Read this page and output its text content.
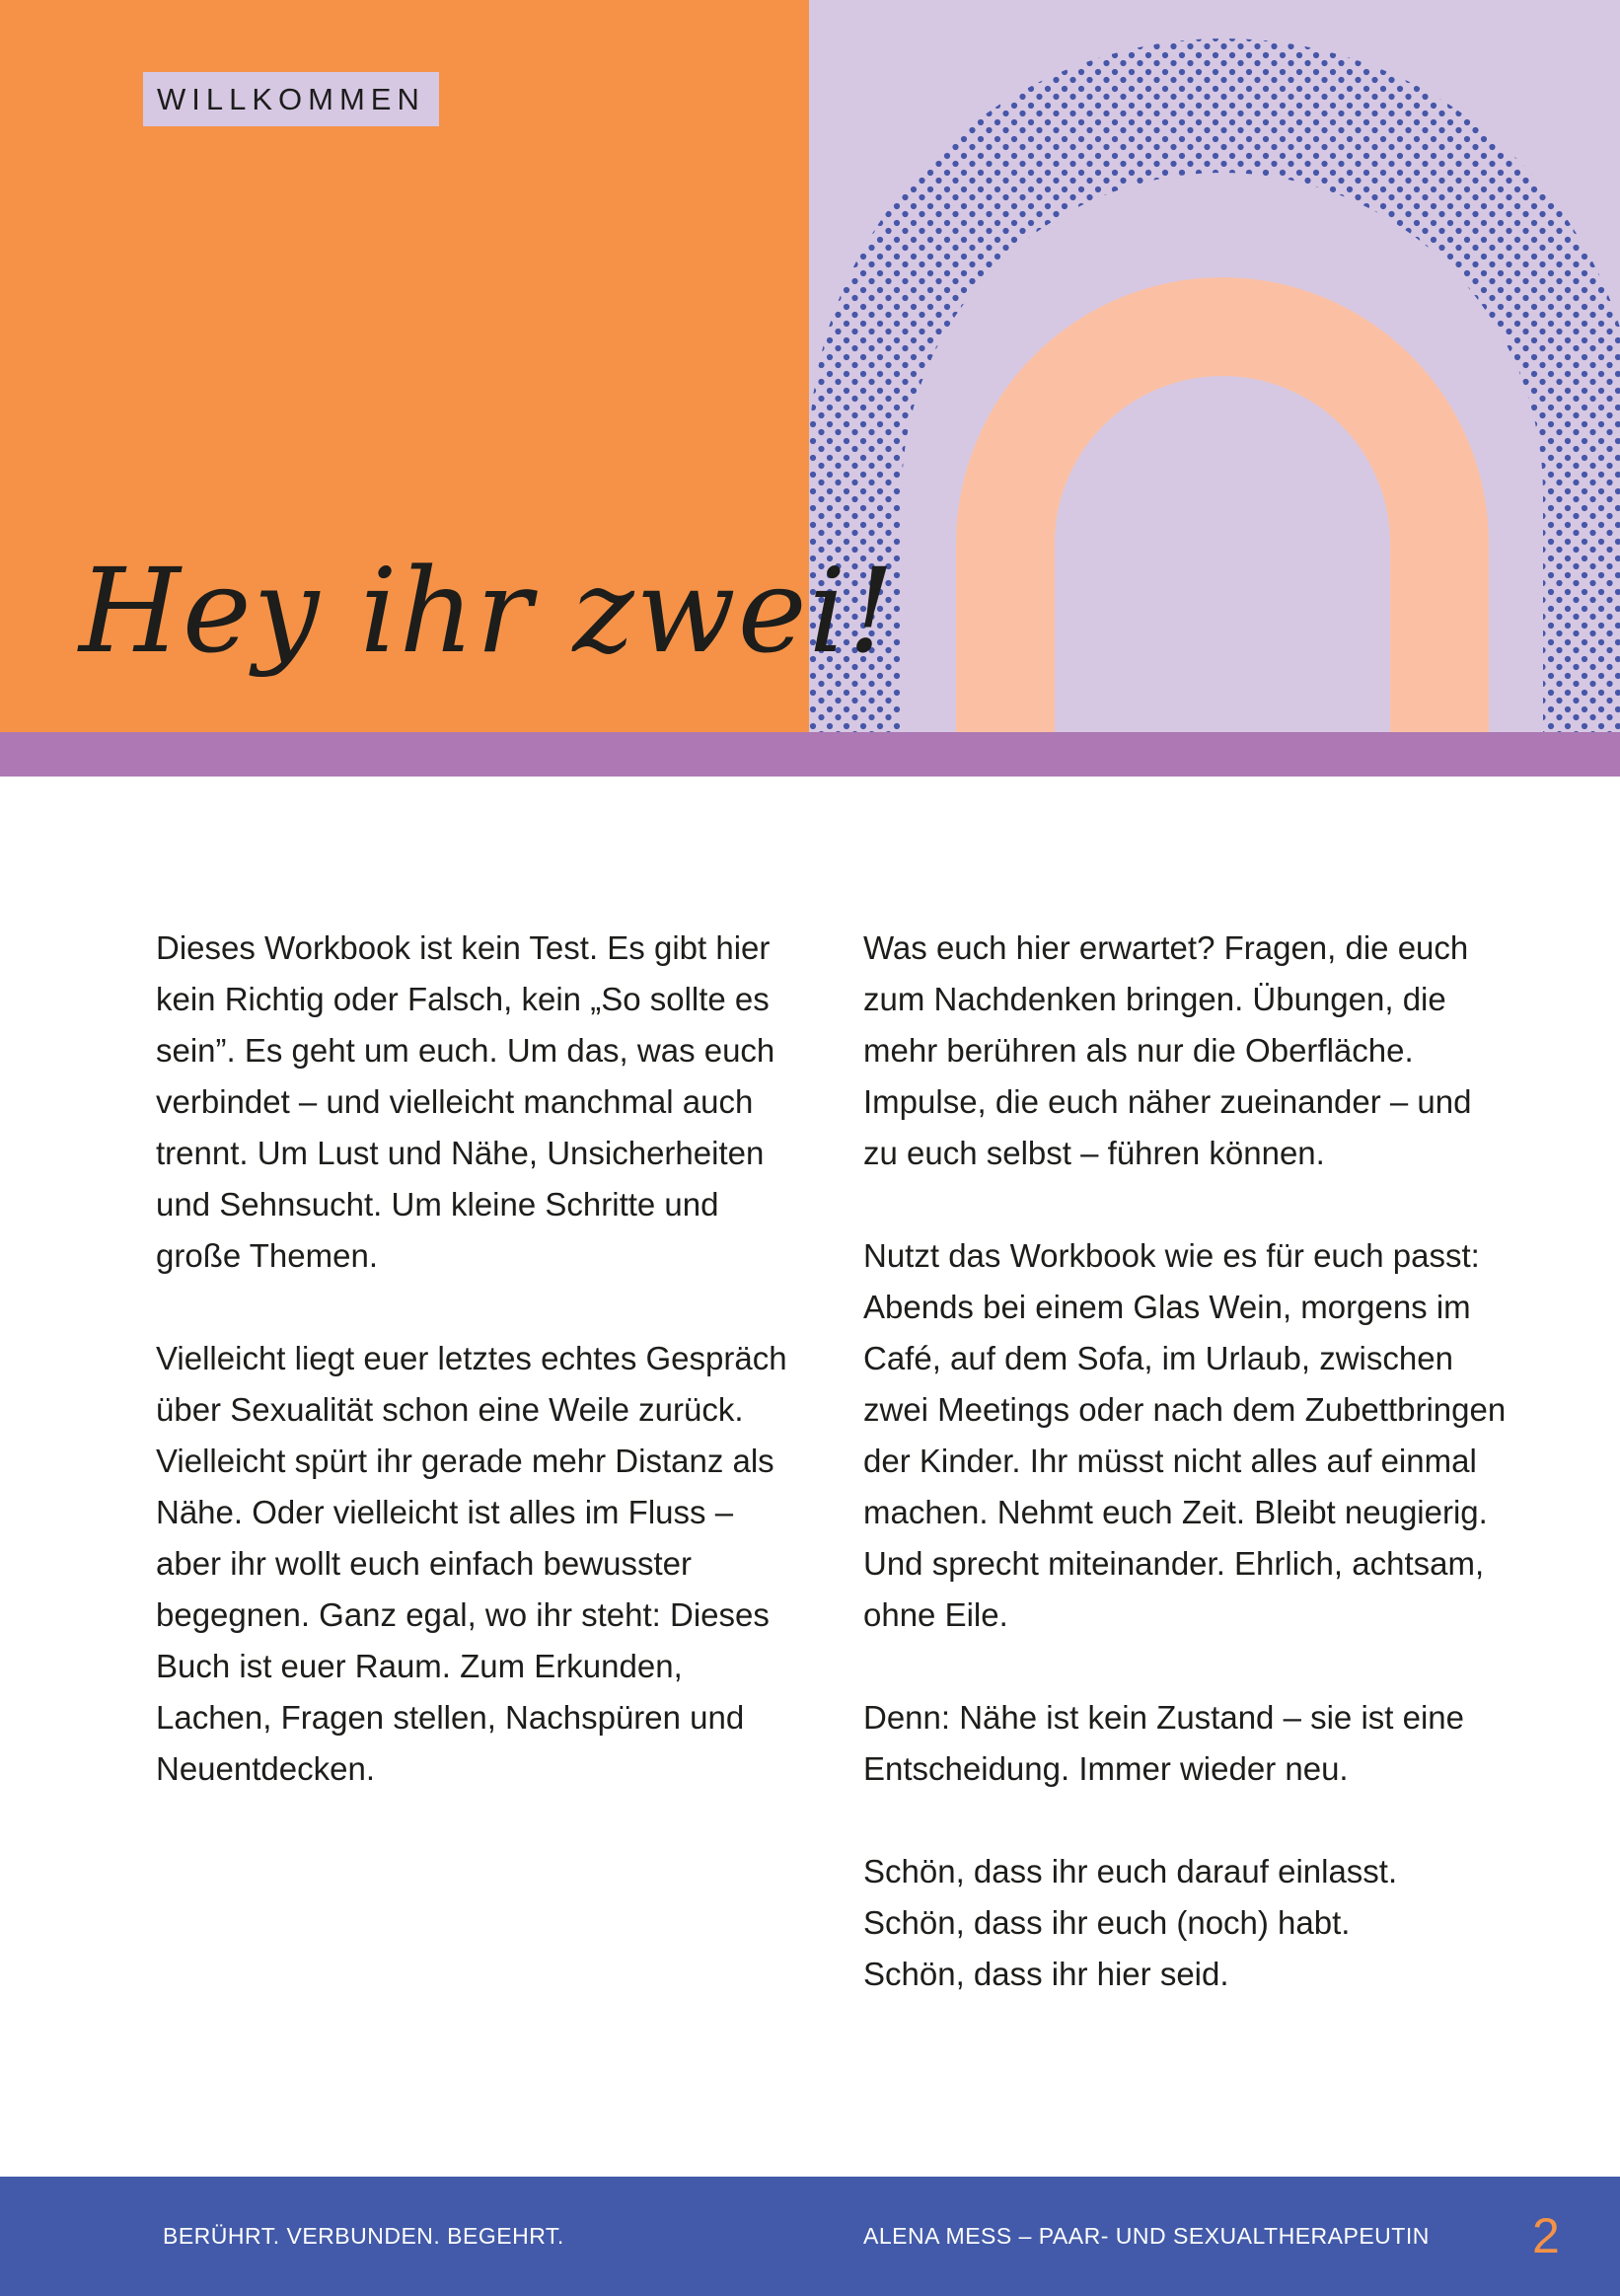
WILLKOMMEN
Hey ihr zwei!

Dieses Workbook ist kein Test. Es gibt hier kein Richtig oder Falsch, kein „So sollte es sein”. Es geht um euch. Um das, was euch verbindet – und vielleicht manchmal auch trennt. Um Lust und Nähe, Unsicherheiten und Sehnsucht. Um kleine Schritte und große Themen.

Vielleicht liegt euer letztes echtes Gespräch über Sexualität schon eine Weile zurück. Vielleicht spürt ihr gerade mehr Distanz als Nähe. Oder vielleicht ist alles im Fluss – aber ihr wollt euch einfach bewusster begegnen. Ganz egal, wo ihr steht: Dieses Buch ist euer Raum. Zum Erkunden, Lachen, Fragen stellen, Nachspüren und Neuentdecken.

Was euch hier erwartet? Fragen, die euch zum Nachdenken bringen. Übungen, die mehr berühren als nur die Oberfläche. Impulse, die euch näher zueinander – und zu euch selbst – führen können.

Nutzt das Workbook wie es für euch passt: Abends bei einem Glas Wein, morgens im Café, auf dem Sofa, im Urlaub, zwischen zwei Meetings oder nach dem Zubettbringen der Kinder. Ihr müsst nicht alles auf einmal machen. Nehmt euch Zeit. Bleibt neugierig. Und sprecht miteinander. Ehrlich, achtsam, ohne Eile.

Denn: Nähe ist kein Zustand – sie ist eine Entscheidung. Immer wieder neu.

Schön, dass ihr euch darauf einlasst.
Schön, dass ihr euch (noch) habt.
Schön, dass ihr hier seid.

BERÜHRT. VERBUNDEN. BEGEHRT.	ALENA MESS – PAAR- UND SEXUALTHERAPEUTIN 2
